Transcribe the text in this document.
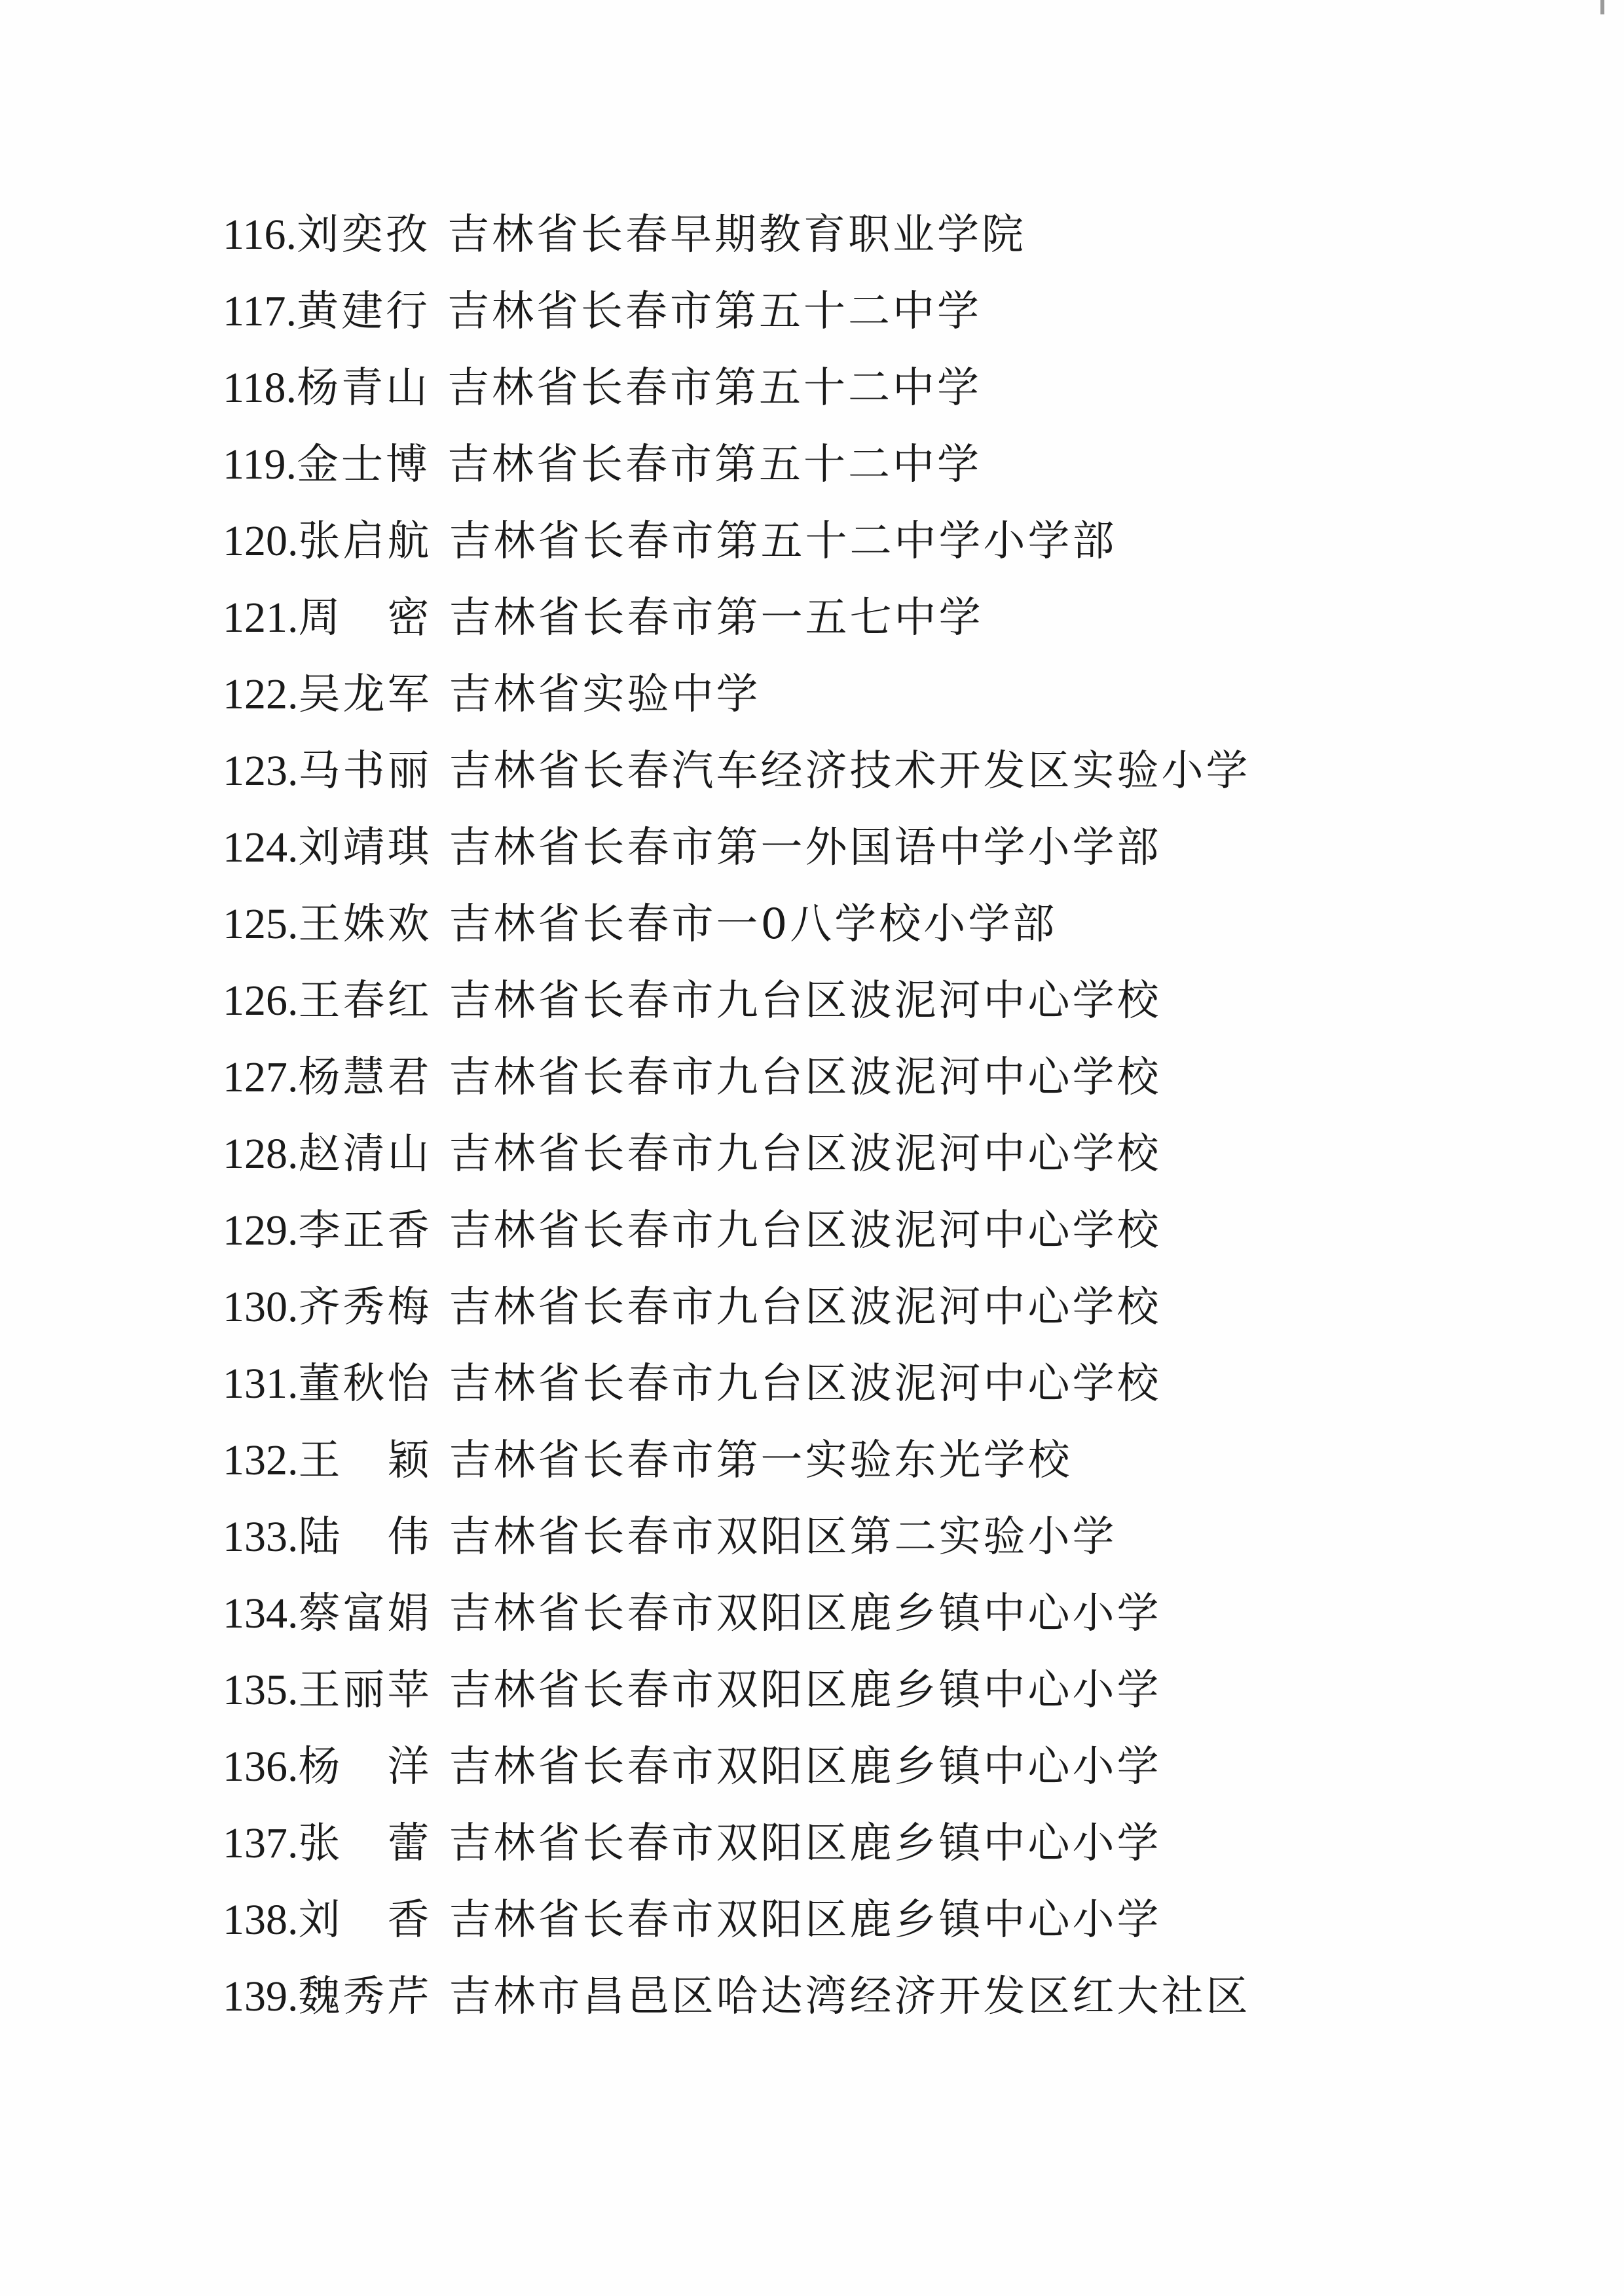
116. 刘奕孜 吉林省长春早期教育职业学院
117. 黄建行 吉林省长春市第五十二中学
118. 杨青山 吉林省长春市第五十二中学
119. 金士博 吉林省长春市第五十二中学
120. 张启航 吉林省长春市第五十二中学小学部
121. 周　密 吉林省长春市第一五七中学
122. 吴龙军 吉林省实验中学
123. 马书丽 吉林省长春汽车经济技术开发区实验小学
124. 刘靖琪 吉林省长春市第一外国语中学小学部
125. 王姝欢 吉林省长春市一0八学校小学部
126. 王春红 吉林省长春市九台区波泥河中心学校
127. 杨慧君 吉林省长春市九台区波泥河中心学校
128. 赵清山 吉林省长春市九台区波泥河中心学校
129. 李正香 吉林省长春市九台区波泥河中心学校
130. 齐秀梅 吉林省长春市九台区波泥河中心学校
131. 董秋怡 吉林省长春市九台区波泥河中心学校
132. 王　颖 吉林省长春市第一实验东光学校
133. 陆　伟 吉林省长春市双阳区第二实验小学
134. 蔡富娟 吉林省长春市双阳区鹿乡镇中心小学
135. 王丽苹 吉林省长春市双阳区鹿乡镇中心小学
136. 杨　洋 吉林省长春市双阳区鹿乡镇中心小学
137. 张　蕾 吉林省长春市双阳区鹿乡镇中心小学
138. 刘　香 吉林省长春市双阳区鹿乡镇中心小学
139. 魏秀芹 吉林市昌邑区哈达湾经济开发区红大社区
